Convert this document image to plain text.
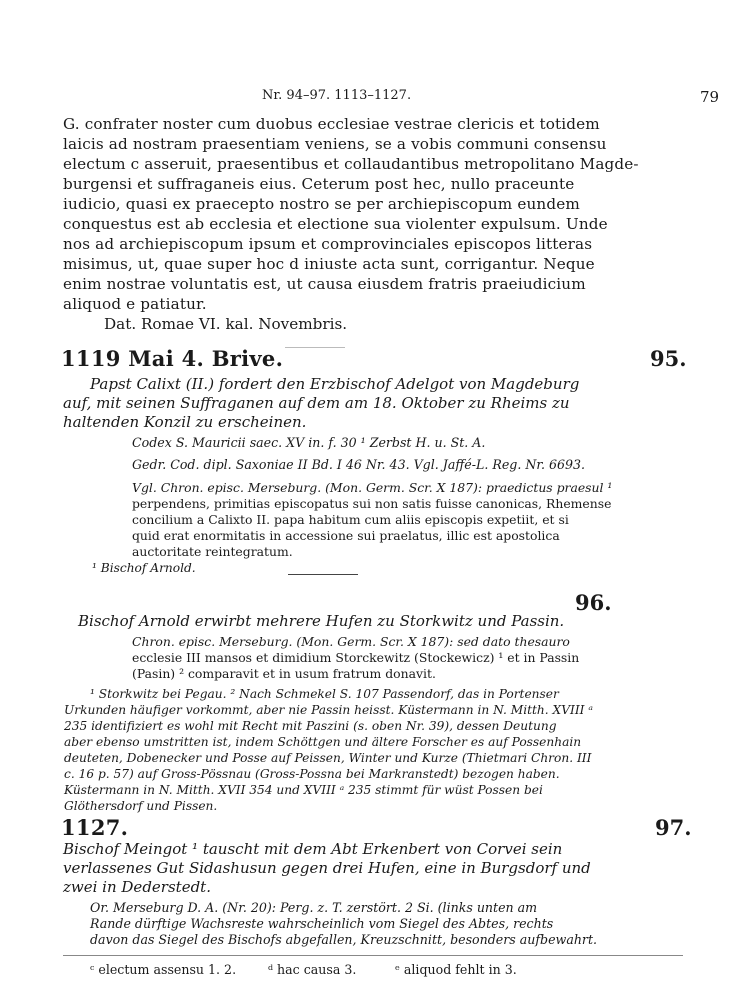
Nr. 94–97. 1113–1127.	79
G. confrater noster cum duobus ecclesiae vestrae clericis et totidem
laicis ad nostram praesentiam veniens, se a vobis communi consensu
electum c asseruit, praesentibus et collaudantibus metropolitano Magde-
burgensi et suffraganeis eius. Ceterum post hec, nullo praceunte
iudicio, quasi ex praecepto nostro se per archiepiscopum eundem
conquestus est ab ecclesia et electione sua violenter expulsum. Unde
nos ad archiepiscopum ipsum et comprovinciales episcopos litteras
misimus, ut, quae super hoc d iniuste acta sunt, corrigantur. Neque
enim nostrae voluntatis est, ut causa eiusdem fratris praeiudicium
aliquod e patiatur.
Dat. Romae VI. kal. Novembris.
1119 Mai 4. Brive.	95.
Papst Calixt (II.) fordert den Erzbischof Adelgot von Magdeburg
auf, mit seinen Suffraganen auf dem am 18. Oktober zu Rheims zu
haltenden Konzil zu erscheinen.
Codex S. Mauricii saec. XV in. f. 30 ¹ Zerbst H. u. St. A.
Gedr. Cod. dipl. Saxoniae II Bd. I 46 Nr. 43. Vgl. Jaffé-L. Reg. Nr. 6693.
Vgl. Chron. episc. Merseburg. (Mon. Germ. Scr. X 187): praedictus praesul ¹
perpendens, primitias episcopatus sui non satis fuisse canonicas, Rhemense
concilium a Calixto II. papa habitum cum aliis episcopis expetiit, et si
quid erat enormitatis in accessione sui praelatus, illic est apostolica
auctoritate reintegratum.
¹ Bischof Arnold.
96.
Bischof Arnold erwirbt mehrere Hufen zu Storkwitz und Passin.
Chron. episc. Merseburg. (Mon. Germ. Scr. X 187): sed dato thesauro
ecclesie III mansos et dimidium Storckewitz (Stockewicz) ¹ et in Passin
(Pasin) ² comparavit et in usum fratrum donavit.
¹ Storkwitz bei Pegau. ² Nach Schmekel S. 107 Passendorf, das in Portenser
Urkunden häufiger vorkommt, aber nie Passin heisst. Küstermann in N. Mitth. XVIII ᵃ
235 identifiziert es wohl mit Recht mit Paszini (s. oben Nr. 39), dessen Deutung
aber ebenso umstritten ist, indem Schöttgen und ältere Forscher es auf Possenhain
deuteten, Dobenecker und Posse auf Peissen, Winter und Kurze (Thietmari Chron. III
c. 16 p. 57) auf Gross-Pössnau (Gross-Possna bei Markranstedt) bezogen haben.
Küstermann in N. Mitth. XVII 354 und XVIII ᵃ 235 stimmt für wüst Possen bei
Glöthersdorf und Pissen.
1127.	97.
Bischof Meingot ¹ tauscht mit dem Abt Erkenbert von Corvei sein
verlassenes Gut Sidashusun gegen drei Hufen, eine in Burgsdorf und
zwei in Dederstedt.
Or. Merseburg D. A. (Nr. 20): Perg. z. T. zerstört. 2 Si. (links unten am
Rande dürftige Wachsreste wahrscheinlich vom Siegel des Abtes, rechts
davon das Siegel des Bischofs abgefallen, Kreuzschnitt, besonders aufbewahrt.
ᶜ electum assensu 1. 2.	ᵈ hac causa 3.	ᵉ aliquod fehlt in 3.
